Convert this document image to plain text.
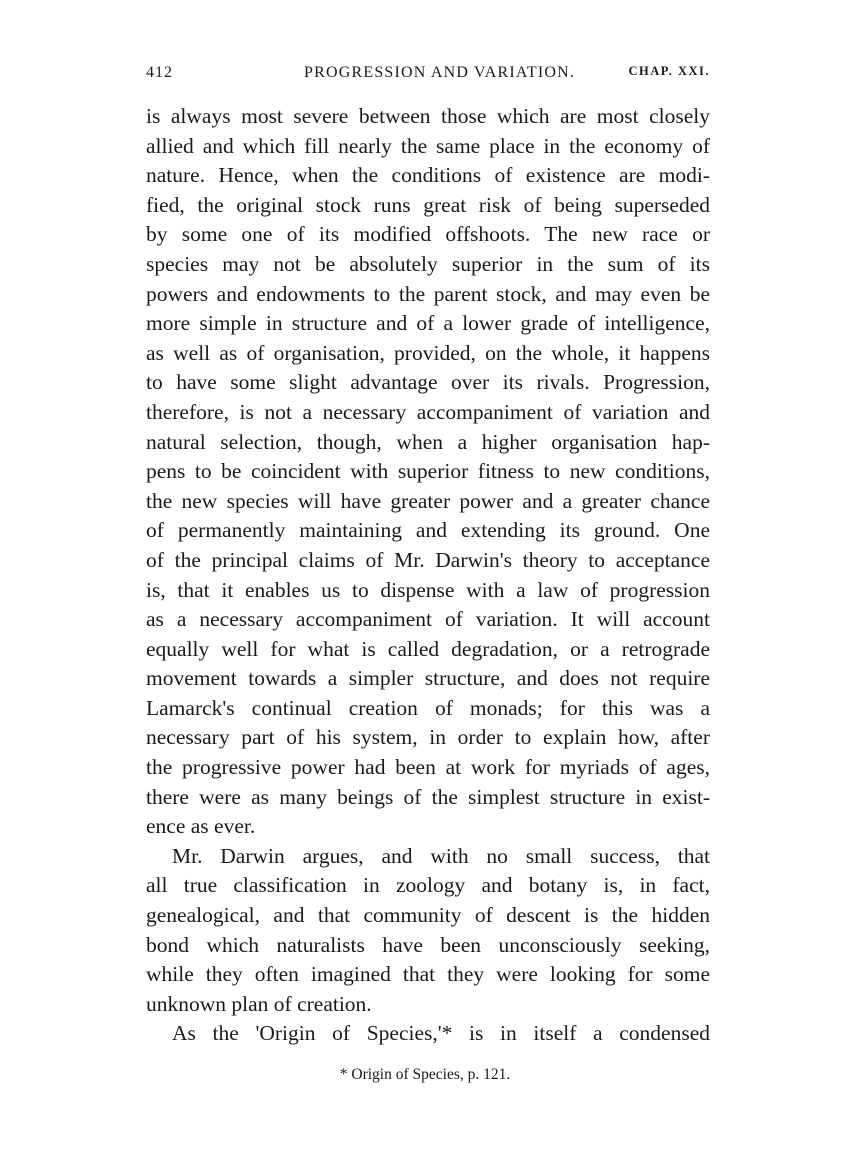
412	PROGRESSION AND VARIATION.	CHAP. XXI.
is always most severe between those which are most closely
allied and which fill nearly the same place in the economy of
nature. Hence, when the conditions of existence are modi-
fied, the original stock runs great risk of being superseded
by some one of its modified offshoots. The new race or
species may not be absolutely superior in the sum of its
powers and endowments to the parent stock, and may even be
more simple in structure and of a lower grade of intelligence,
as well as of organisation, provided, on the whole, it happens
to have some slight advantage over its rivals. Progression,
therefore, is not a necessary accompaniment of variation and
natural selection, though, when a higher organisation hap-
pens to be coincident with superior fitness to new conditions,
the new species will have greater power and a greater chance
of permanently maintaining and extending its ground. One
of the principal claims of Mr. Darwin's theory to acceptance
is, that it enables us to dispense with a law of progression
as a necessary accompaniment of variation. It will account
equally well for what is called degradation, or a retrograde
movement towards a simpler structure, and does not require
Lamarck's continual creation of monads; for this was a
necessary part of his system, in order to explain how, after
the progressive power had been at work for myriads of ages,
there were as many beings of the simplest structure in exist-
ence as ever.
Mr. Darwin argues, and with no small success, that
all true classification in zoology and botany is, in fact,
genealogical, and that community of descent is the hidden
bond which naturalists have been unconsciously seeking,
while they often imagined that they were looking for some
unknown plan of creation.
As the 'Origin of Species,'* is in itself a condensed
* Origin of Species, p. 121.
